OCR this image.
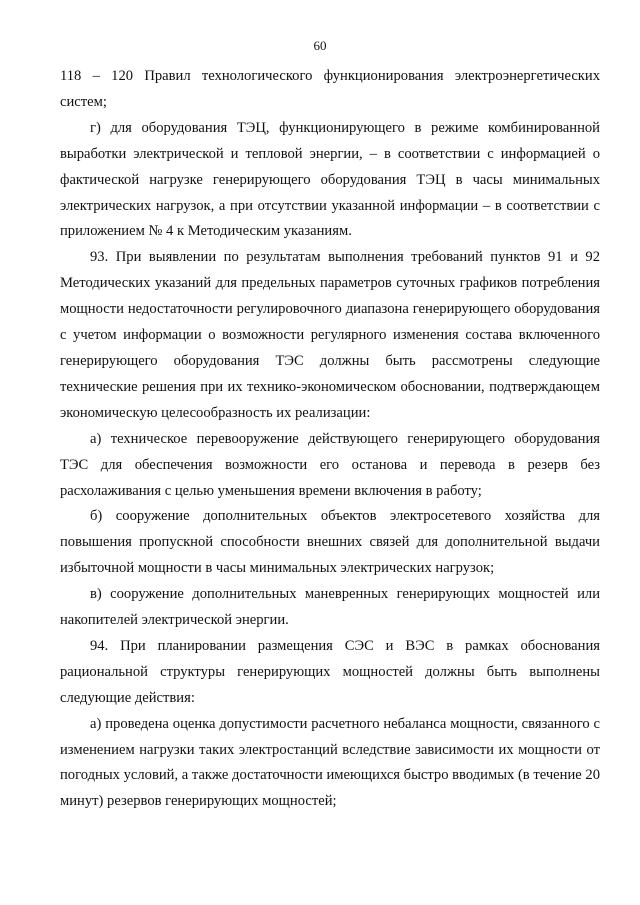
60

118 – 120 Правил технологического функционирования электроэнергетических систем;

г) для оборудования ТЭЦ, функционирующего в режиме комбинированной выработки электрической и тепловой энергии, – в соответствии с информацией о фактической нагрузке генерирующего оборудования ТЭЦ в часы минимальных электрических нагрузок, а при отсутствии указанной информации – в соответствии с приложением № 4 к Методическим указаниям.

93. При выявлении по результатам выполнения требований пунктов 91 и 92 Методических указаний для предельных параметров суточных графиков потребления мощности недостаточности регулировочного диапазона генерирующего оборудования с учетом информации о возможности регулярного изменения состава включенного генерирующего оборудования ТЭС должны быть рассмотрены следующие технические решения при их технико-экономическом обосновании, подтверждающем экономическую целесообразность их реализации:

а) техническое перевооружение действующего генерирующего оборудования ТЭС для обеспечения возможности его останова и перевода в резерв без расхолаживания с целью уменьшения времени включения в работу;

б) сооружение дополнительных объектов электросетевого хозяйства для повышения пропускной способности внешних связей для дополнительной выдачи избыточной мощности в часы минимальных электрических нагрузок;

в) сооружение дополнительных маневренных генерирующих мощностей или накопителей электрической энергии.

94. При планировании размещения СЭС и ВЭС в рамках обоснования рациональной структуры генерирующих мощностей должны быть выполнены следующие действия:

а) проведена оценка допустимости расчетного небаланса мощности, связанного с изменением нагрузки таких электростанций вследствие зависимости их мощности от погодных условий, а также достаточности имеющихся быстро вводимых (в течение 20 минут) резервов генерирующих мощностей;
